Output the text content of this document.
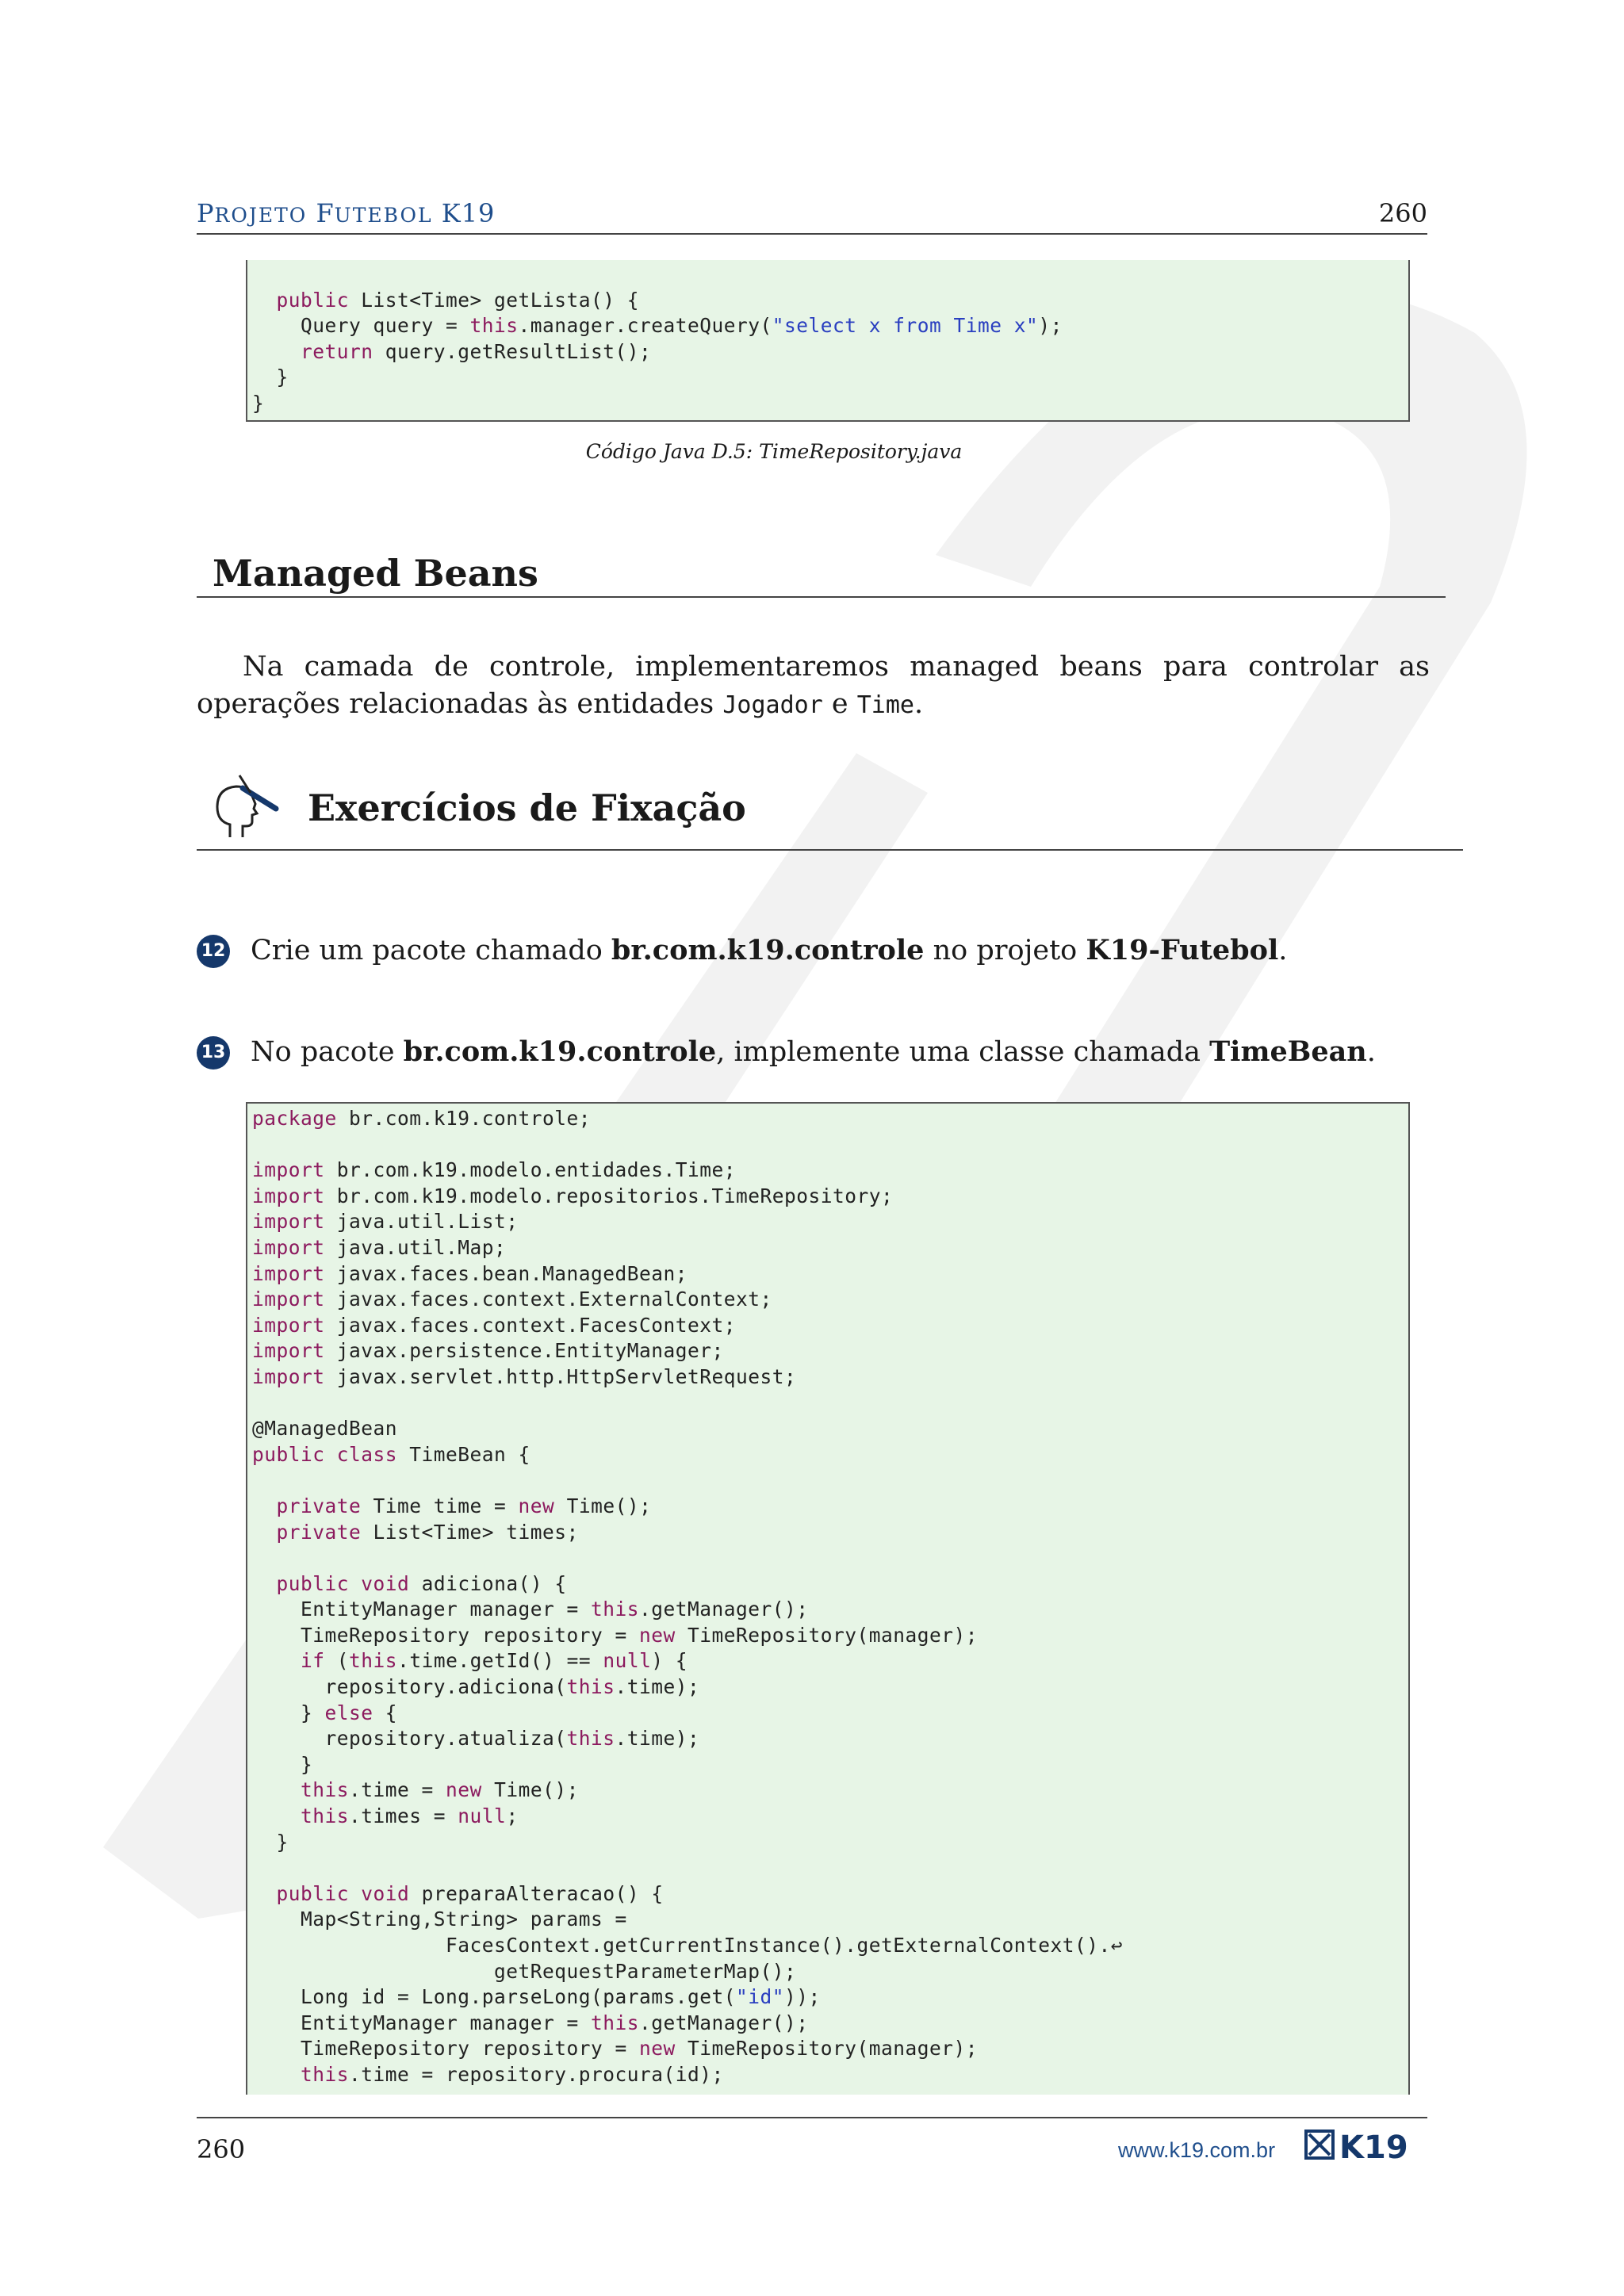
PROJETO FUTEBOL K19	260
public List<Time> getLista() {
Query query = this.manager.createQuery("select x from Time x");
return query.getResultList();
}
}
Código Java D.5: TimeRepository.java
Managed Beans

Na camada de controle, implementaremos managed beans para controlar as operações relacionadas às entidades Jogador e Time.

Exercícios de Fixação
12 Crie um pacote chamado br.com.k19.controle no projeto K19-Futebol.
13 No pacote br.com.k19.controle, implemente uma classe chamada TimeBean.
package br.com.k19.controle;
import br.com.k19.modelo.entidades.Time;
import br.com.k19.modelo.repositorios.TimeRepository;
import java.util.List;
import java.util.Map;
import javax.faces.bean.ManagedBean;
import javax.faces.context.ExternalContext;
import javax.faces.context.FacesContext;
import javax.persistence.EntityManager;
import javax.servlet.http.HttpServletRequest;
@ManagedBean
public class TimeBean {
private Time time = new Time();
private List<Time> times;
public void adiciona() {
EntityManager manager = this.getManager();
TimeRepository repository = new TimeRepository(manager);
if (this.time.getId() == null) {
repository.adiciona(this.time);
} else {
repository.atualiza(this.time);
}
this.time = new Time();
this.times = null;
}
public void preparaAlteracao() {
Map<String,String> params =
FacesContext.getCurrentInstance().getExternalContext().↩
getRequestParameterMap();
Long id = Long.parseLong(params.get("id"));
EntityManager manager = this.getManager();
TimeRepository repository = new TimeRepository(manager);
this.time = repository.procura(id);
260	www.k19.com.br K19
